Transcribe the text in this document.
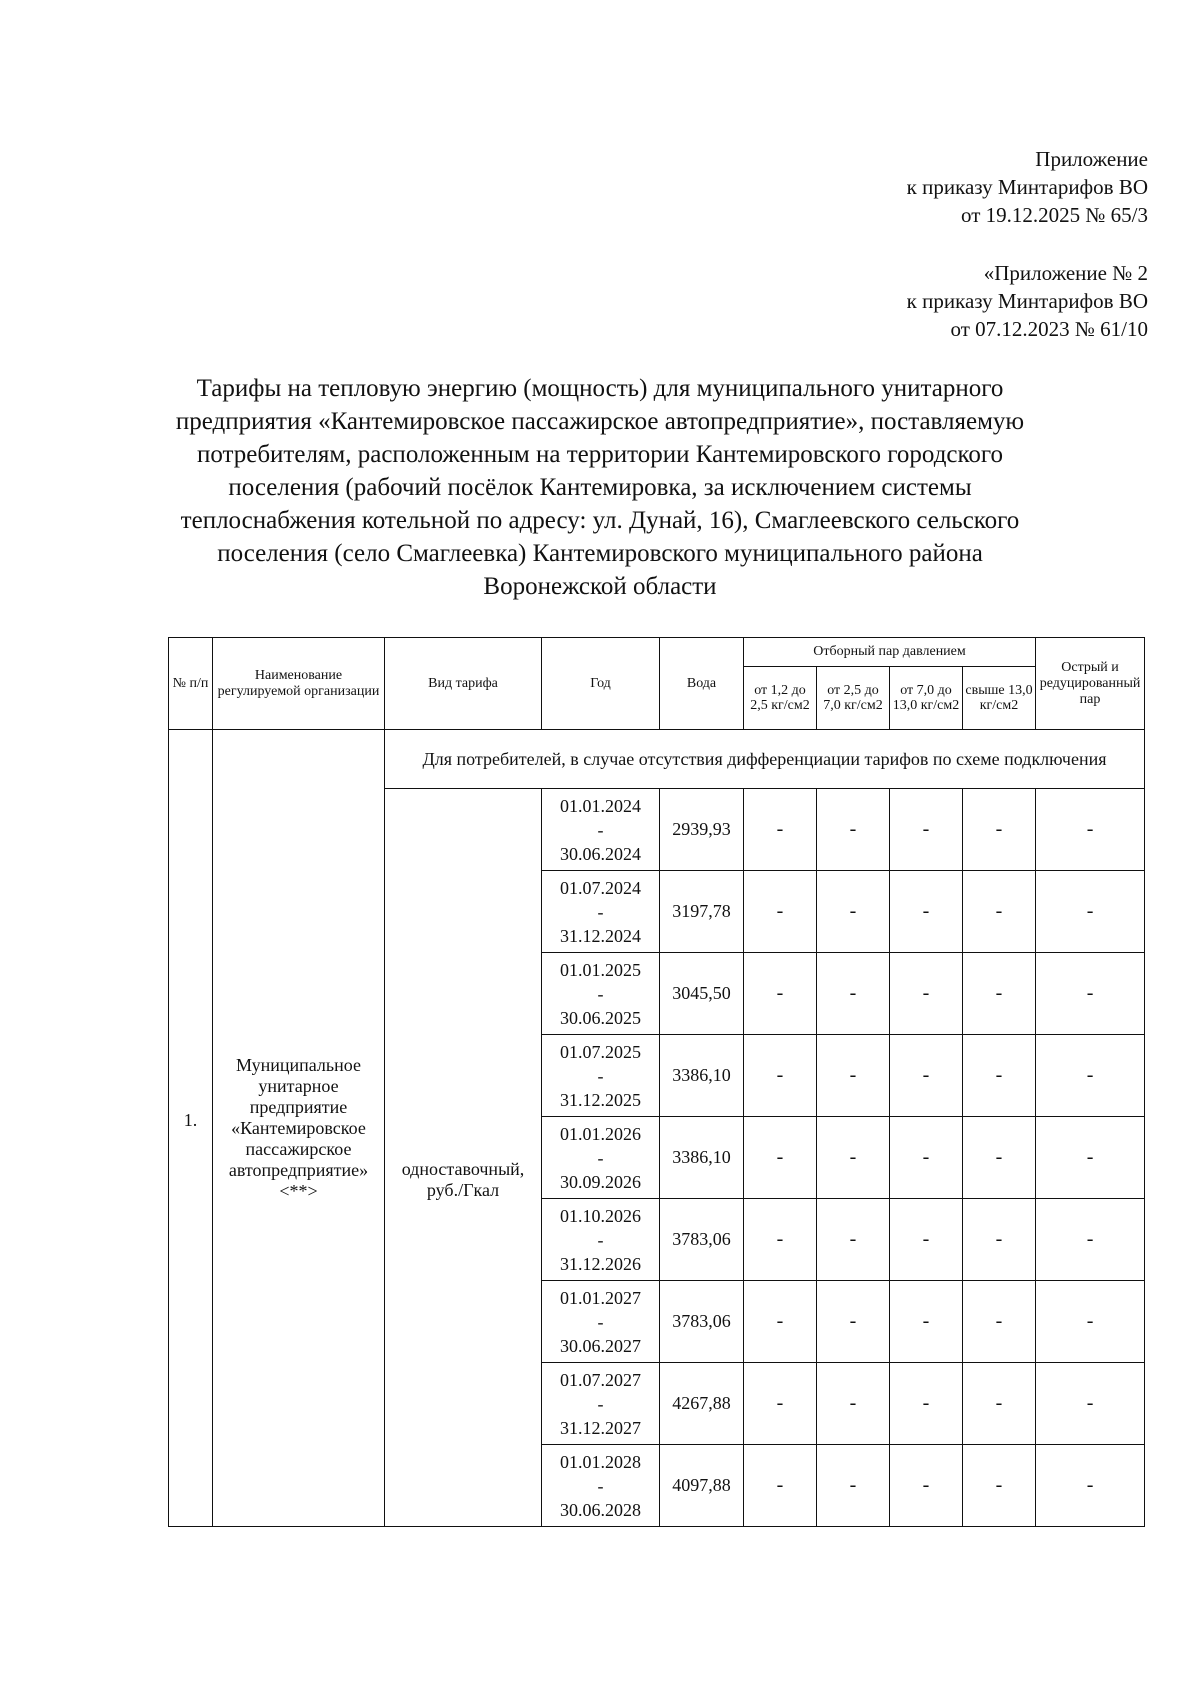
Приложение
к приказу Минтарифов ВО
от 19.12.2025 № 65/3
«Приложение № 2
к приказу Минтарифов ВО
от 07.12.2023 № 61/10
Тарифы на тепловую энергию (мощность) для муниципального унитарного
предприятия «Кантемировское пассажирское автопредприятие», поставляемую
потребителям, расположенным на территории Кантемировского городского
поселения (рабочий посёлок Кантемировка, за исключением системы
теплоснабжения котельной по адресу: ул. Дунай, 16), Смаглеевского сельского
поселения (село Смаглеевка) Кантемировского муниципального района
Воронежской области
№ п/п	Наименование регулируемой организации	Вид тарифа	Год	Вода	Отборный пар давлением				Острый и редуцированный пар
					от 1,2 до 2,5 кг/см2	от 2,5 до 7,0 кг/см2	от 7,0 до 13,0 кг/см2	свыше 13,0 кг/см2	
1.	Муниципальное унитарное предприятие «Кантемировское пассажирское автопредприятие» <**>	Для потребителей, в случае отсутствия дифференциации тарифов по схеме подключения							
		одноставочный, руб./Гкал	01.01.2024
-
30.06.2024	2939,93	-	-	-	-	-

			01.07.2024
-
31.12.2024	3197,78	-	-	-	-	-

			01.01.2025
-
30.06.2025	3045,50	-	-	-	-	-

			01.07.2025
-
31.12.2025	3386,10	-	-	-	-	-

			01.01.2026
-
30.09.2026	3386,10	-	-	-	-	-

			01.10.2026
-
31.12.2026	3783,06	-	-	-	-	-

			01.01.2027
-
30.06.2027	3783,06	-	-	-	-	-

			01.07.2027
-
31.12.2027	4267,88	-	-	-	-	-

			01.01.2028
-
30.06.2028	4097,88	-	-	-	-	-
